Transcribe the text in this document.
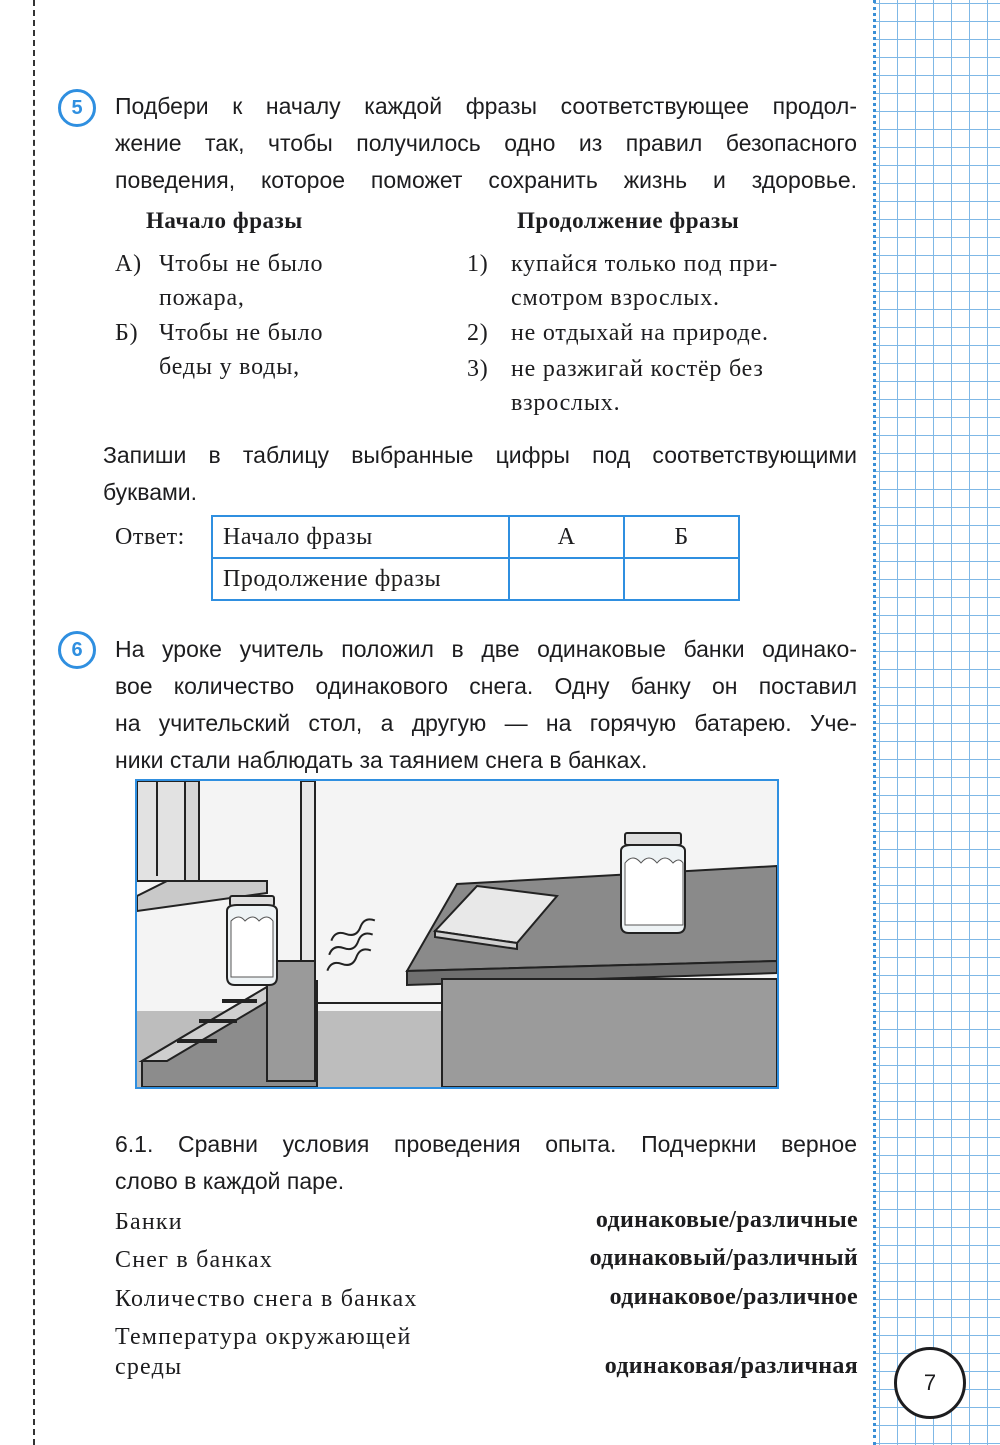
5 Подбери к началу каждой фразы соответствующее продол-
жение так, чтобы получилось одно из правил безопасного
поведения, которое поможет сохранить жизнь и здоровье.
Начало фразы	Продолжение фразы
А) Чтобы не было
пожара,
Б) Чтобы не было
беды у воды,
1) купайся только под при-
смотром взрослых.
2) не отдыхай на природе.
3) не разжигай костёр без
взрослых.
Запиши в таблицу выбранные цифры под соответствующими
буквами.
Ответ: Начало фразы	А	Б
Продолжение фразы		
6 На уроке учитель положил в две одинаковые банки одинако-
вое количество одинакового снега. Одну банку он поставил
на учительский стол, а другую — на горячую батарею. Уче-
ники стали наблюдать за таянием снега в банках.
6.1. Сравни условия проведения опыта. Подчеркни верное
слово в каждой паре.
Банки	одинаковые/различные
Снег в банках	одинаковый/различный
Количество снега в банках	одинаковое/различное
Температура окружающей
среды	одинаковая/различная
7
